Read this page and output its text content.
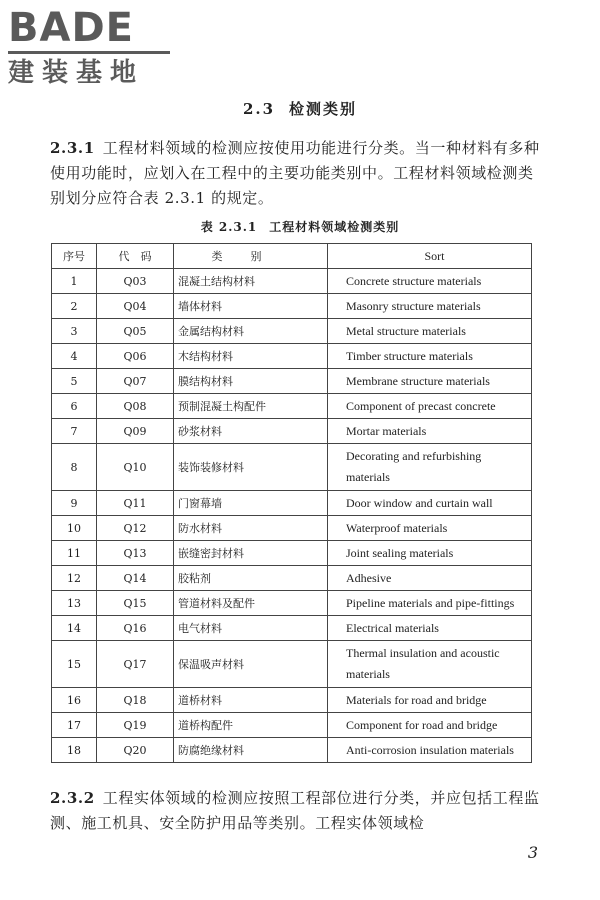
BADE
建装基地
2.3 检测类别
2.3.1 工程材料领域的检测应按使用功能进行分类。当一种材料有多种使用功能时，应划入在工程中的主要功能类别中。工程材料领域检测类别划分应符合表 2.3.1 的规定。
表 2.3.1 工程材料领域检测类别
序号	代　码	类别	Sort
1	Q03	混凝土结构材料	Concrete structure materials
2	Q04	墙体材料	Masonry structure materials
3	Q05	金属结构材料	Metal structure materials
4	Q06	木结构材料	Timber structure materials
5	Q07	膜结构材料	Membrane structure materials
6	Q08	预制混凝土构配件	Component of precast concrete
7	Q09	砂浆材料	Mortar materials
8	Q10	装饰装修材料	Decorating and refurbishing materials
9	Q11	门窗幕墙	Door window and curtain wall
10	Q12	防水材料	Waterproof materials
11	Q13	嵌缝密封材料	Joint sealing materials
12	Q14	胶粘剂	Adhesive
13	Q15	管道材料及配件	Pipeline materials and pipe-fittings
14	Q16	电气材料	Electrical materials
15	Q17	保温吸声材料	Thermal insulation and acoustic materials
16	Q18	道桥材料	Materials for road and bridge
17	Q19	道桥构配件	Component for road and bridge
18	Q20	防腐绝缘材料	Anti-corrosion insulation materials
2.3.2 工程实体领域的检测应按照工程部位进行分类，并应包括工程监测、施工机具、安全防护用品等类别。工程实体领域检
3
